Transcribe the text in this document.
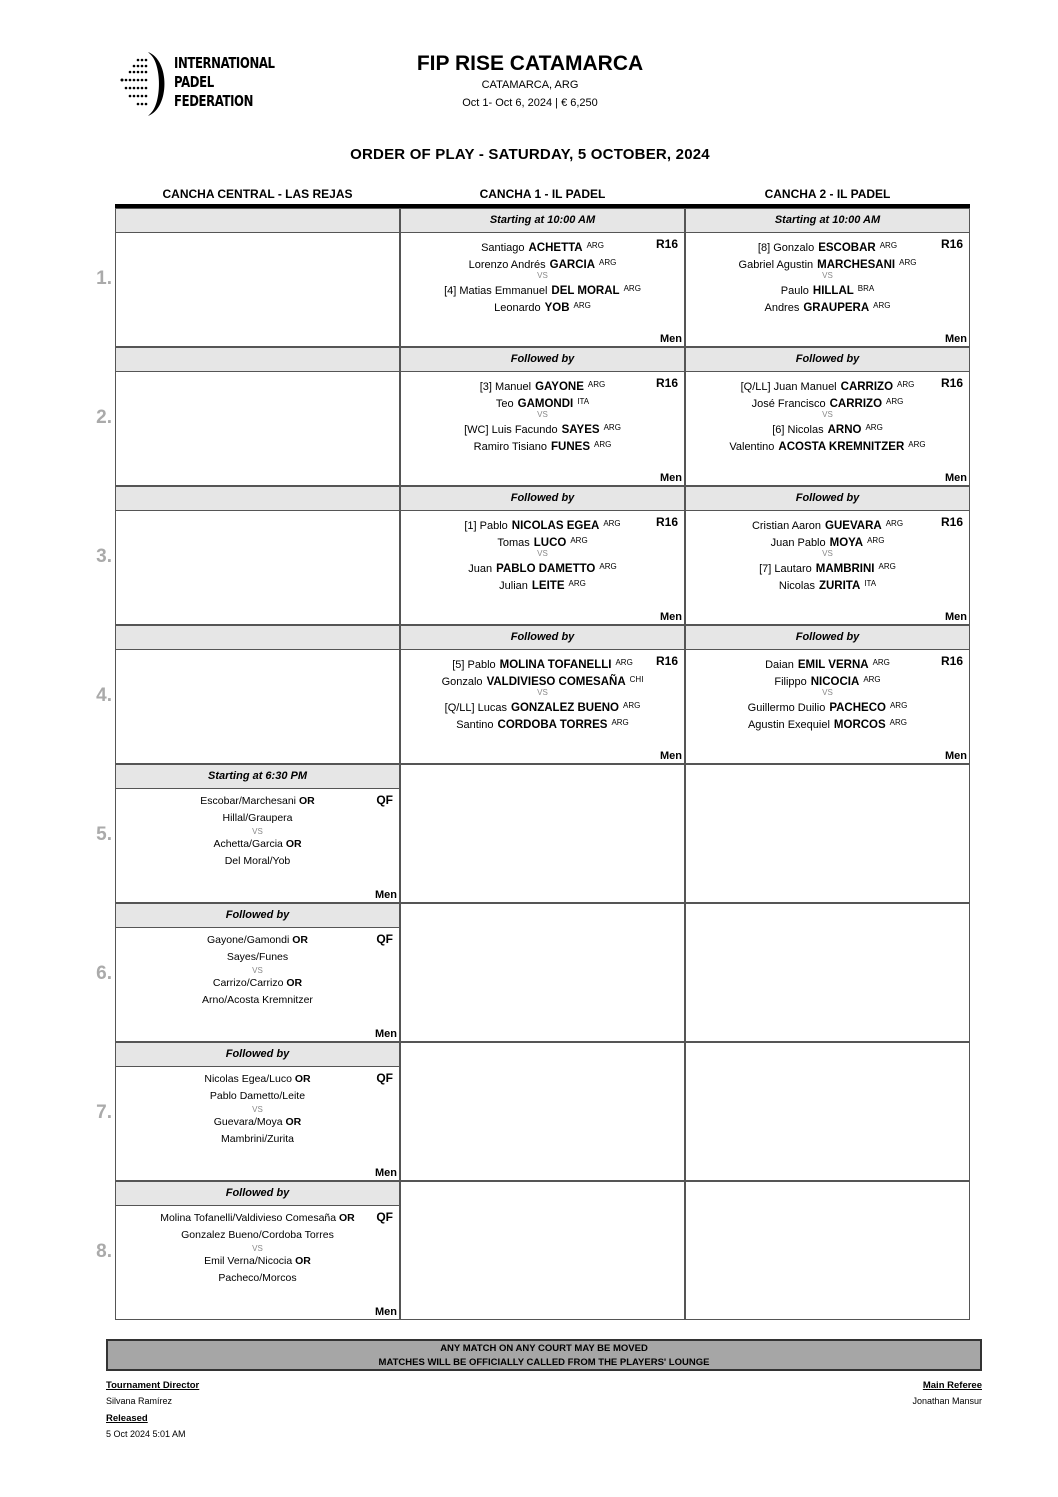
INTERNATIONAL
PADEL
FEDERATION
FIP RISE CATAMARCA
CATAMARCA, ARG
Oct 1- Oct 6, 2024 | € 6,250
ORDER OF PLAY - SATURDAY, 5 OCTOBER, 2024
CANCHA CENTRAL - LAS REJAS	CANCHA 1 - IL PADEL	CANCHA 2 - IL PADEL
Starting at 10:00 AM
Santiago ACHETTA $^{ARG}$
Lorenzo Andrés GARCIA $^{ARG}$
VS
[4] Matias Emmanuel DEL MORAL $^{ARG}$
Leonardo YOB $^{ARG}$
R16
Men
Starting at 10:00 AM
[8] Gonzalo ESCOBAR $^{ARG}$
Gabriel Agustin MARCHESANI $^{ARG}$
VS
Paulo HILLAL $^{BRA}$
Andres GRAUPERA $^{ARG}$
R16
Men
Followed by
[3] Manuel GAYONE $^{ARG}$
Teo GAMONDI $^{ITA}$
VS
[WC] Luis Facundo SAYES $^{ARG}$
Ramiro Tisiano FUNES $^{ARG}$
R16
Men
Followed by
[Q/LL] Juan Manuel CARRIZO $^{ARG}$
José Francisco CARRIZO $^{ARG}$
VS
[6] Nicolas ARNO $^{ARG}$
Valentino ACOSTA KREMNITZER $^{ARG}$
R16
Men
Followed by
[1] Pablo NICOLAS EGEA $^{ARG}$
Tomas LUCO $^{ARG}$
VS
Juan PABLO DAMETTO $^{ARG}$
Julian LEITE $^{ARG}$
R16
Men
Followed by
Cristian Aaron GUEVARA $^{ARG}$
Juan Pablo MOYA $^{ARG}$
VS
[7] Lautaro MAMBRINI $^{ARG}$
Nicolas ZURITA $^{ITA}$
R16
Men
Followed by
[5] Pablo MOLINA TOFANELLI $^{ARG}$
Gonzalo VALDIVIESO COMESAÑA $^{CHI}$
VS
[Q/LL] Lucas GONZALEZ BUENO $^{ARG}$
Santino CORDOBA TORRES $^{ARG}$
R16
Men
Followed by
Daian EMIL VERNA $^{ARG}$
Filippo NICOCIA $^{ARG}$
VS
Guillermo Duilio PACHECO $^{ARG}$
Agustin Exequiel MORCOS $^{ARG}$
R16
Men
Starting at 6:30 PM
Escobar/Marchesani OR
Hillal/Graupera
VS
Achetta/Garcia OR
Del Moral/Yob
QF
Men
Followed by
Gayone/Gamondi OR
Sayes/Funes
VS
Carrizo/Carrizo OR
Arno/Acosta Kremnitzer
QF
Men
Followed by
Nicolas Egea/Luco OR
Pablo Dametto/Leite
VS
Guevara/Moya OR
Mambrini/Zurita
QF
Men
Followed by
Molina Tofanelli/Valdivieso Comesaña OR
Gonzalez Bueno/Cordoba Torres
VS
Emil Verna/Nicocia OR
Pacheco/Morcos
QF
Men
1.
2.
3.
4.
5.
6.
7.
8.
ANY MATCH ON ANY COURT MAY BE MOVED
MATCHES WILL BE OFFICIALLY CALLED FROM THE PLAYERS' LOUNGE
Tournament Director
Silvana Ramírez
Released
5 Oct 2024 5:01 AM
Main Referee
Jonathan Mansur
